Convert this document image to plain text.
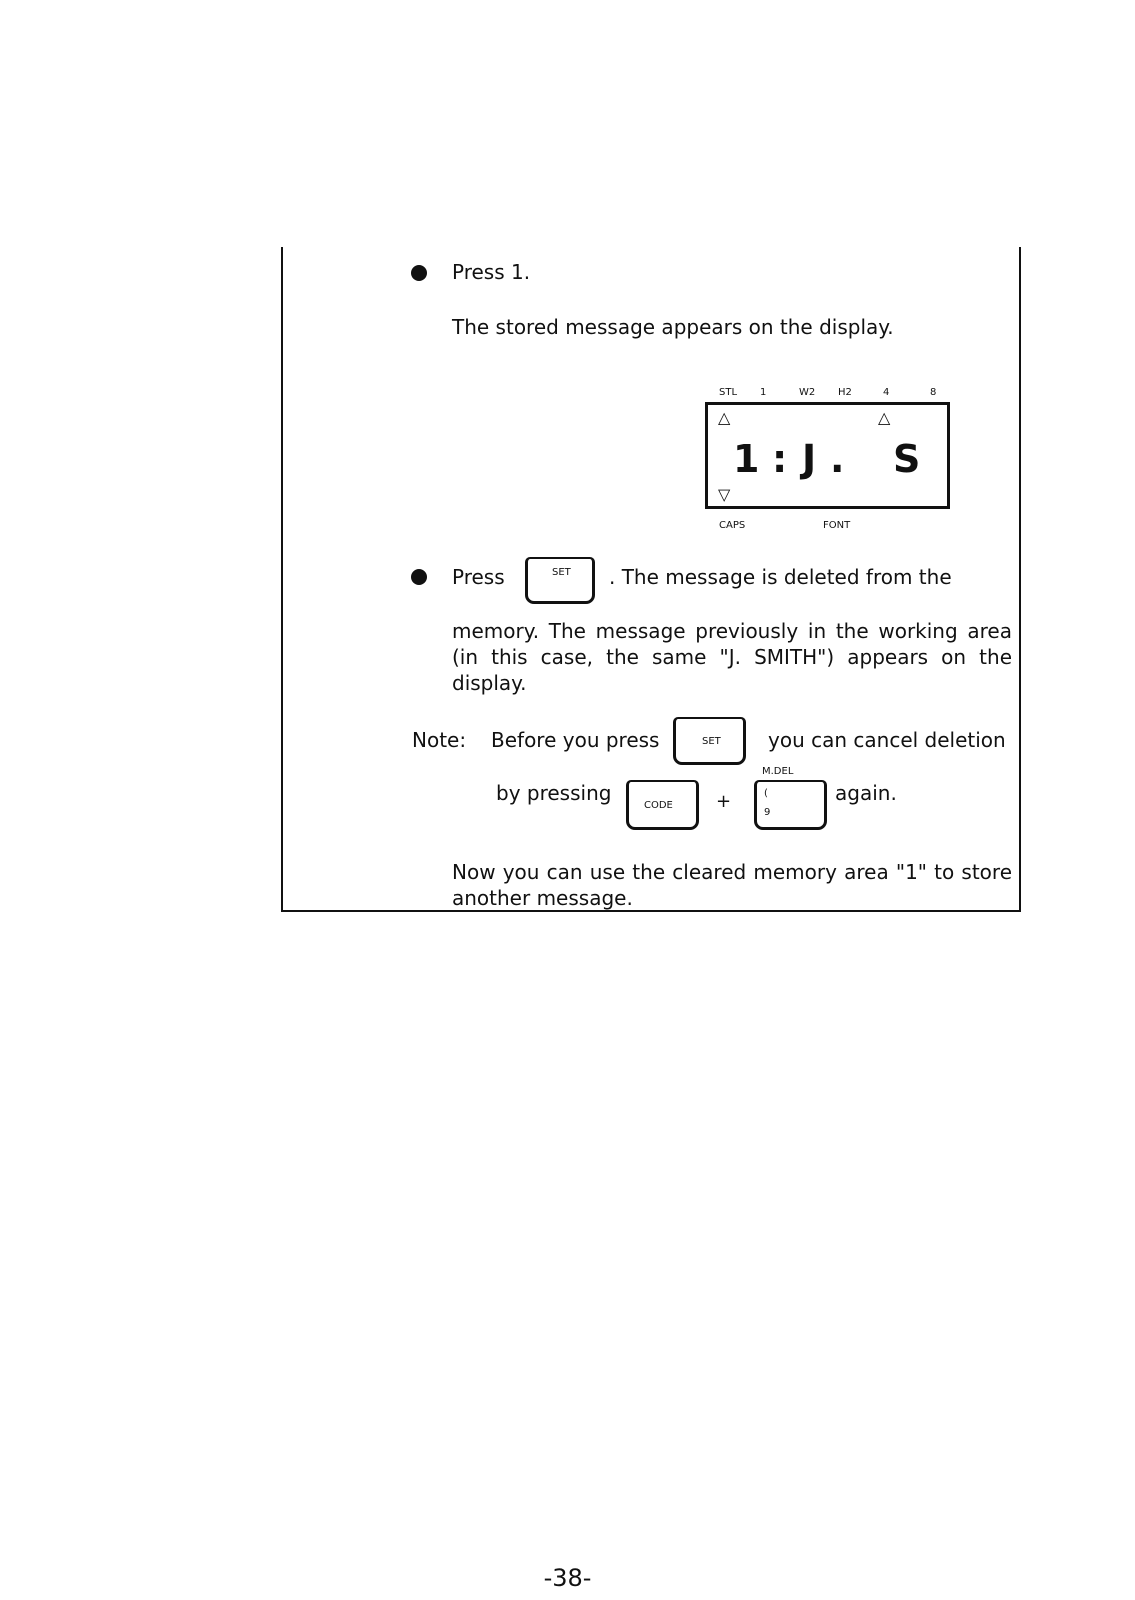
Press 1.
The stored message appears on the display.
STL 1	W2 H2	4	8
△	△
1 : J . S
▽
CAPS	FONT
Press	SET . The message is deleted from the
memory. The message previously in the working area (in this case, the same "J. SMITH") appears on the display.
Note: Before you press	SET you can cancel deletion
M.DEL
by pressing
CODE +	(
9
again.
Now you can use the cleared memory area "1" to store another message.
-38-
